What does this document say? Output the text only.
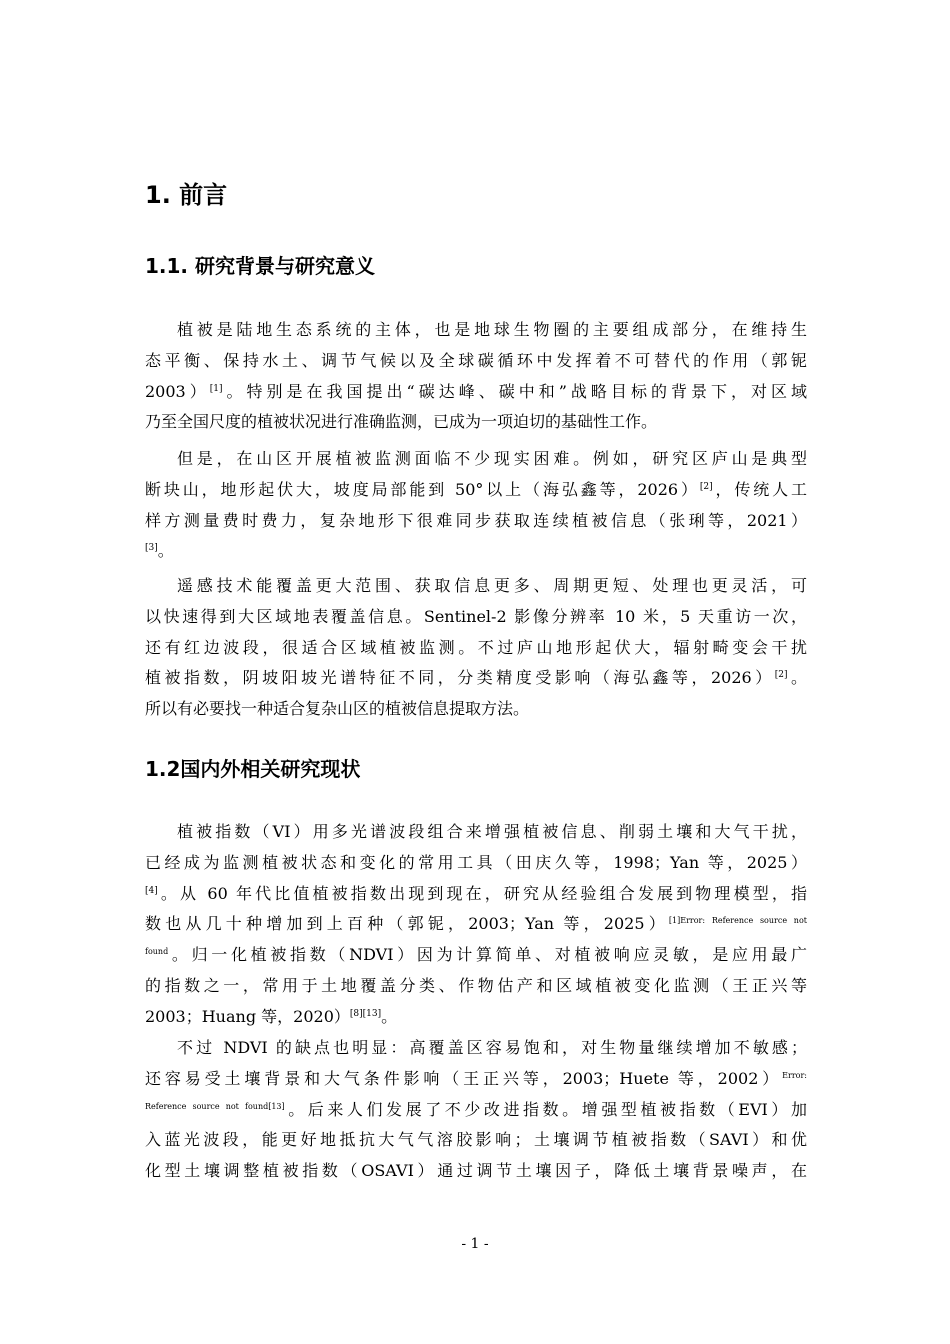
1. 前言
1.1. 研究背景与研究意义
植被是陆地生态系统的主体，也是地球生物圈的主要组成部分，在维持生
态平衡、保持水土、调节气候以及全球碳循环中发挥着不可替代的作用（郭铌
2003）[1]。特别是在我国提出“碳达峰、碳中和”战略目标的背景下，对区域
乃至全国尺度的植被状况进行准确监测，已成为一项迫切的基础性工作。
但是，在山区开展植被监测面临不少现实困难。例如，研究区庐山是典型
断块山，地形起伏大，坡度局部能到 50°以上（海弘鑫等，2026）[2]，传统人工
样方测量费时费力，复杂地形下很难同步获取连续植被信息（张琍等，2021）
[3]。
遥感技术能覆盖更大范围、获取信息更多、周期更短、处理也更灵活，可
以快速得到大区域地表覆盖信息。Sentinel-2 影像分辨率 10 米，5 天重访一次，
还有红边波段，很适合区域植被监测。不过庐山地形起伏大，辐射畸变会干扰
植被指数，阴坡阳坡光谱特征不同，分类精度受影响（海弘鑫等，2026）[2]。
所以有必要找一种适合复杂山区的植被信息提取方法。
1.2国内外相关研究现状
植被指数（VI）用多光谱波段组合来增强植被信息、削弱土壤和大气干扰，
已经成为监测植被状态和变化的常用工具（田庆久等，1998；Yan 等，2025）
[4]。从 60 年代比值植被指数出现到现在，研究从经验组合发展到物理模型，指
数也从几十种增加到上百种（郭铌，2003；Yan 等，2025）$^{[1]Error: Reference source not}$
$^{found}$。归一化植被指数（NDVI）因为计算简单、对植被响应灵敏，是应用最广
的指数之一，常用于土地覆盖分类、作物估产和区域植被变化监测（王正兴等
2003；Huang 等，2020）[8][13]。
不过 NDVI 的缺点也明显：高覆盖区容易饱和，对生物量继续增加不敏感；
还容易受土壤背景和大气条件影响（王正兴等，2003；Huete 等，2002）$^{Error:}$
$^{Reference source not found[13]}$。后来人们发展了不少改进指数。增强型植被指数（EVI）加
入蓝光波段，能更好地抵抗大气气溶胶影响；土壤调节植被指数（SAVI）和优
化型土壤调整植被指数（OSAVI）通过调节土壤因子，降低土壤背景噪声，在
- 1 -
